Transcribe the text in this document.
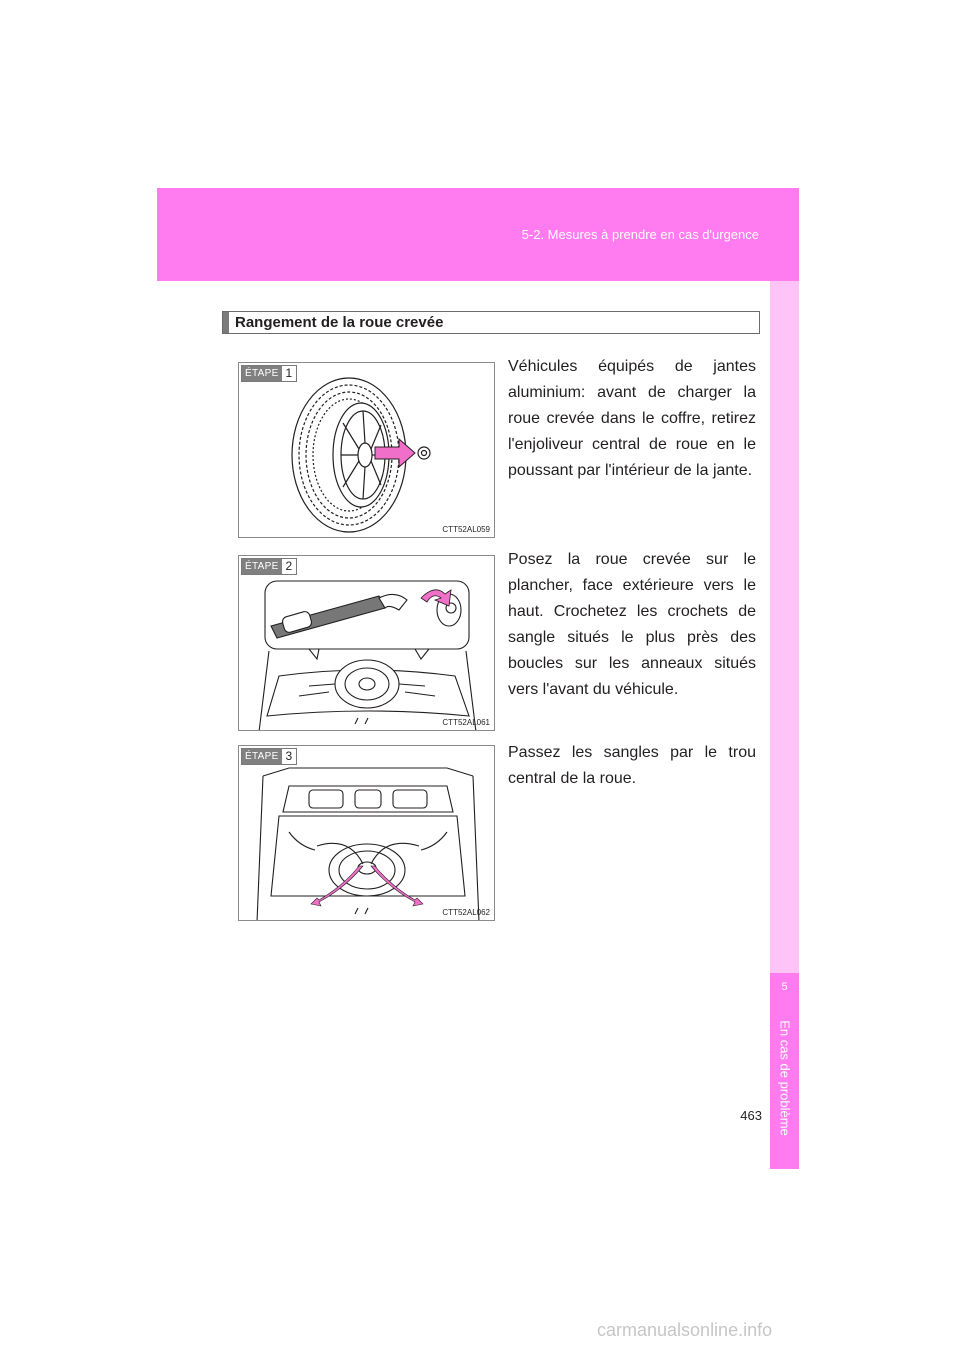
5-2. Mesures à prendre en cas d'urgence
5
En cas de problème
Rangement de la roue crevée
ÉTAPE 1
CTT52AL059

Véhicules équipés de jantes aluminium: avant de charger la roue crevée dans le coffre, retirez l'enjoliveur central de roue en le poussant par l'intérieur de la jante.

ÉTAPE 2
CTT52AL061

Posez la roue crevée sur le plancher, face extérieure vers le haut. Crochetez les crochets de sangle situés le plus près des boucles sur les anneaux situés vers l'avant du véhicule.

ÉTAPE 3
CTT52AL062

Passez les sangles par le trou central de la roue.

463
carmanualsonline.info
